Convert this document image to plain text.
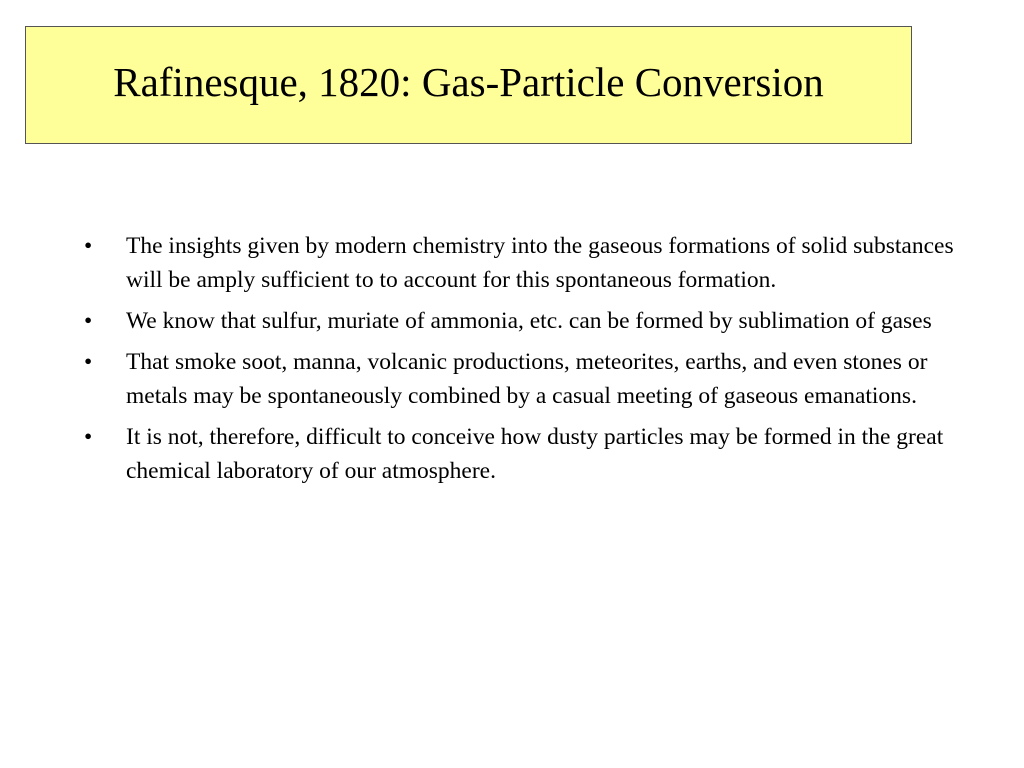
Rafinesque, 1820: Gas-Particle Conversion
•	The insights given by modern chemistry into the gaseous formations of solid substances will be amply sufficient to to account for this spontaneous formation.
•	We know that sulfur, muriate of ammonia, etc. can be formed by sublimation of gases
•	That smoke soot, manna, volcanic productions, meteorites, earths, and even stones or metals may be spontaneously combined by a casual meeting of gaseous emanations.
•	It is not, therefore, difficult to conceive how dusty particles may be formed in the great chemical laboratory of our atmosphere.
